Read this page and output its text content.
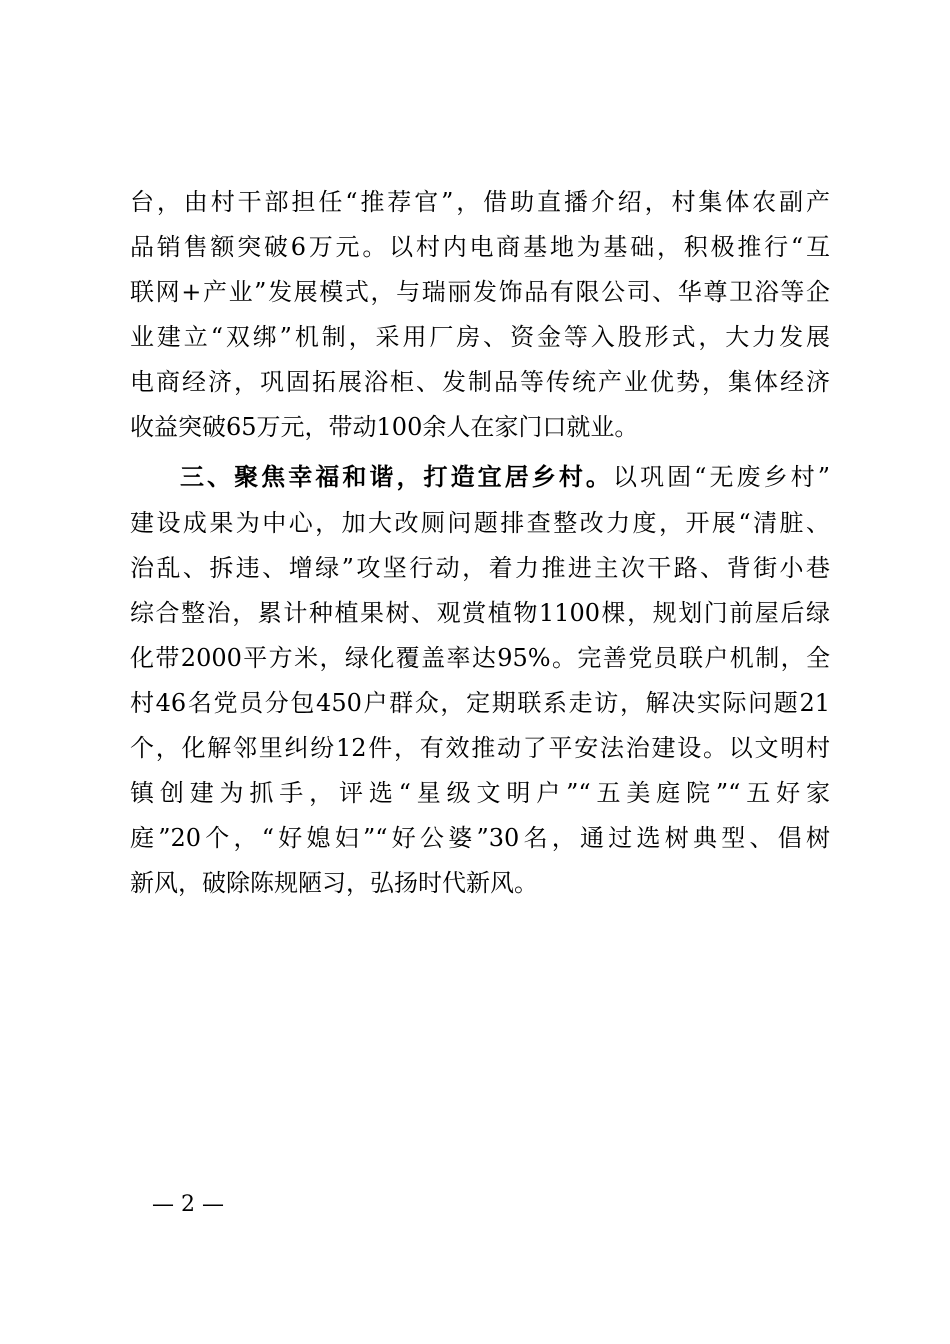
台，由村干部担任“推荐官”，借助直播介绍，村集体农副产
品销售额突破6万元。以村内电商基地为基础，积极推行“互
联网+产业”发展模式，与瑞丽发饰品有限公司、华尊卫浴等企
业建立“双绑”机制，采用厂房、资金等入股形式，大力发展
电商经济，巩固拓展浴柜、发制品等传统产业优势，集体经济
收益突破65万元，带动100余人在家门口就业。
三、聚焦幸福和谐，打造宜居乡村。以巩固“无废乡村”
建设成果为中心，加大改厕问题排查整改力度，开展“清脏、
治乱、拆违、增绿”攻坚行动，着力推进主次干路、背街小巷
综合整治，累计种植果树、观赏植物1100棵，规划门前屋后绿
化带2000平方米，绿化覆盖率达95%。完善党员联户机制，全
村46名党员分包450户群众，定期联系走访，解决实际问题21
个，化解邻里纠纷12件，有效推动了平安法治建设。以文明村
镇创建为抓手，评选“星级文明户”“五美庭院”“五好家
庭”20个，“好媳妇”“好公婆”30名，通过选树典型、倡树
新风，破除陈规陋习，弘扬时代新风。
— 2 —
